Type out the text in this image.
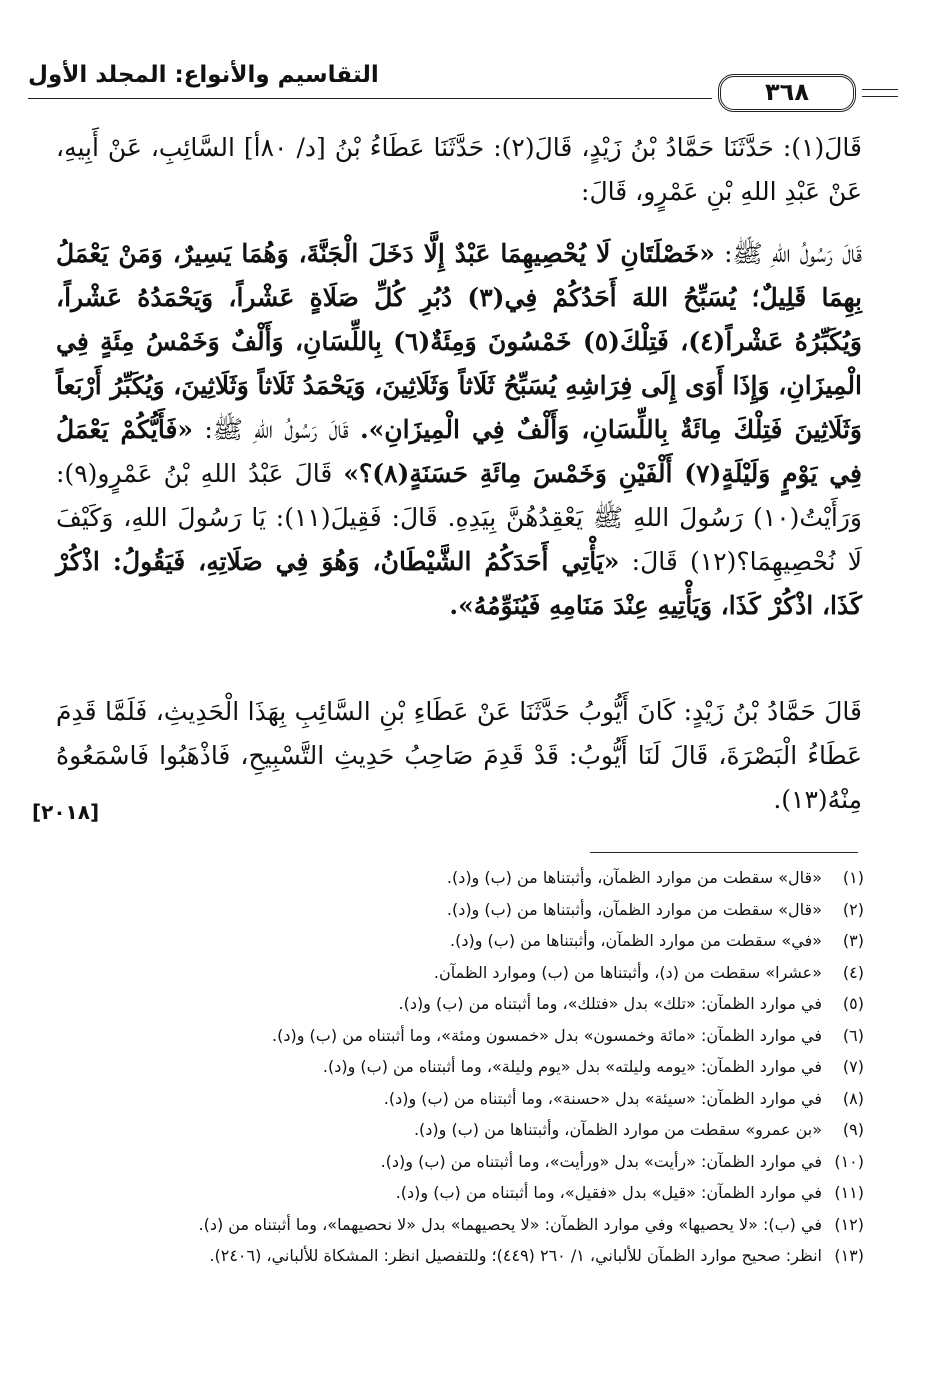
التقاسيم والأنواع: المجلد الأول
٣٦٨

قَالَ(١): حَدَّثَنَا حَمَّادُ بْنُ زَيْدٍ، قَالَ(٢): حَدَّثَنَا عَطَاءُ بْنُ [د/ ٨٠أ] السَّائِبِ، عَنْ أَبِيهِ، عَنْ عَبْدِ اللهِ بْنِ عَمْرٍو، قَالَ:

قَالَ رَسُولُ اللهِ ﷺ: «خَصْلَتَانِ لَا يُحْصِيهِمَا عَبْدٌ إِلَّا دَخَلَ الْجَنَّةَ، وَهُمَا يَسِيرٌ، وَمَنْ يَعْمَلُ بِهِمَا قَلِيلٌ؛ يُسَبِّحُ اللهَ أَحَدُكُمْ فِي(٣) دُبُرِ كُلِّ صَلَاةٍ عَشْراً، وَيَحْمَدُهُ عَشْراً، وَيُكَبِّرُهُ عَشْراً(٤)، فَتِلْكَ(٥) خَمْسُونَ وَمِئَةٌ(٦) بِاللِّسَانِ، وَأَلْفٌ وَخَمْسُ مِئَةٍ فِي الْمِيزَانِ، وَإِذَا أَوَى إِلَى فِرَاشِهِ يُسَبِّحُ ثَلَاثاً وَثَلَاثِينَ، وَيَحْمَدُ ثَلَاثاً وَثَلَاثِينَ، وَيُكَبِّرُ أَرْبَعاً وَثَلَاثِينَ فَتِلْكَ مِائَةٌ بِاللِّسَانِ، وَأَلْفٌ فِي الْمِيزَانِ». قَالَ رَسُولُ اللهِ ﷺ: «فَأَيُّكُمْ يَعْمَلُ فِي يَوْمٍ وَلَيْلَةٍ(٧) أَلْفَيْنِ وَخَمْسَ مِائَةِ حَسَنَةٍ(٨)؟» قَالَ عَبْدُ اللهِ بْنُ عَمْرٍو(٩): وَرَأَيْتُ(١٠) رَسُولَ اللهِ ﷺ يَعْقِدُهُنَّ بِيَدِهِ. قَالَ: فَقِيلَ(١١): يَا رَسُولَ اللهِ، وَكَيْفَ لَا نُحْصِيهِمَا؟(١٢) قَالَ: «يَأْتِي أَحَدَكُمُ الشَّيْطَانُ، وَهُوَ فِي صَلَاتِهِ، فَيَقُولُ: اذْكُرْ كَذَا، اذْكُرْ كَذَا، وَيَأْتِيهِ عِنْدَ مَنَامِهِ فَيُنَوِّمُهُ».

قَالَ حَمَّادُ بْنُ زَيْدٍ: كَانَ أَيُّوبُ حَدَّثَنَا عَنْ عَطَاءِ بْنِ السَّائِبِ بِهَذَا الْحَدِيثِ، فَلَمَّا قَدِمَ عَطَاءُ الْبَصْرَةَ، قَالَ لَنَا أَيُّوبُ: قَدْ قَدِمَ صَاحِبُ حَدِيثِ التَّسْبِيحِ، فَاذْهَبُوا فَاسْمَعُوهُ مِنْهُ(١٣).

[٢٠١٨]
(١)«قال» سقطت من موارد الظمآن، وأثبتناها من (ب) و(د).
(٢)«قال» سقطت من موارد الظمآن، وأثبتناها من (ب) و(د).
(٣)«في» سقطت من موارد الظمآن، وأثبتناها من (ب) و(د).
(٤)«عشرا» سقطت من (د)، وأثبتناها من (ب) وموارد الظمآن.
(٥)في موارد الظمآن: «تلك» بدل «فتلك»، وما أثبتناه من (ب) و(د).
(٦)في موارد الظمآن: «مائة وخمسون» بدل «خمسون ومئة»، وما أثبتناه من (ب) و(د).
(٧)في موارد الظمآن: «يومه وليلته» بدل «يوم وليلة»، وما أثبتناه من (ب) و(د).
(٨)في موارد الظمآن: «سيئة» بدل «حسنة»، وما أثبتناه من (ب) و(د).
(٩)«بن عمرو» سقطت من موارد الظمآن، وأثبتناها من (ب) و(د).
(١٠)في موارد الظمآن: «رأيت» بدل «ورأيت»، وما أثبتناه من (ب) و(د).
(١١)في موارد الظمآن: «قيل» بدل «فقيل»، وما أثبتناه من (ب) و(د).
(١٢)في (ب): «لا يحصيها» وفي موارد الظمآن: «لا يحصيهما» بدل «لا نحصيهما»، وما أثبتناه من (د).
(١٣)انظر: صحيح موارد الظمآن للألباني، ١/ ٢٦٠ (٤٤٩)؛ وللتفصيل انظر: المشكاة للألباني، (٢٤٠٦).
